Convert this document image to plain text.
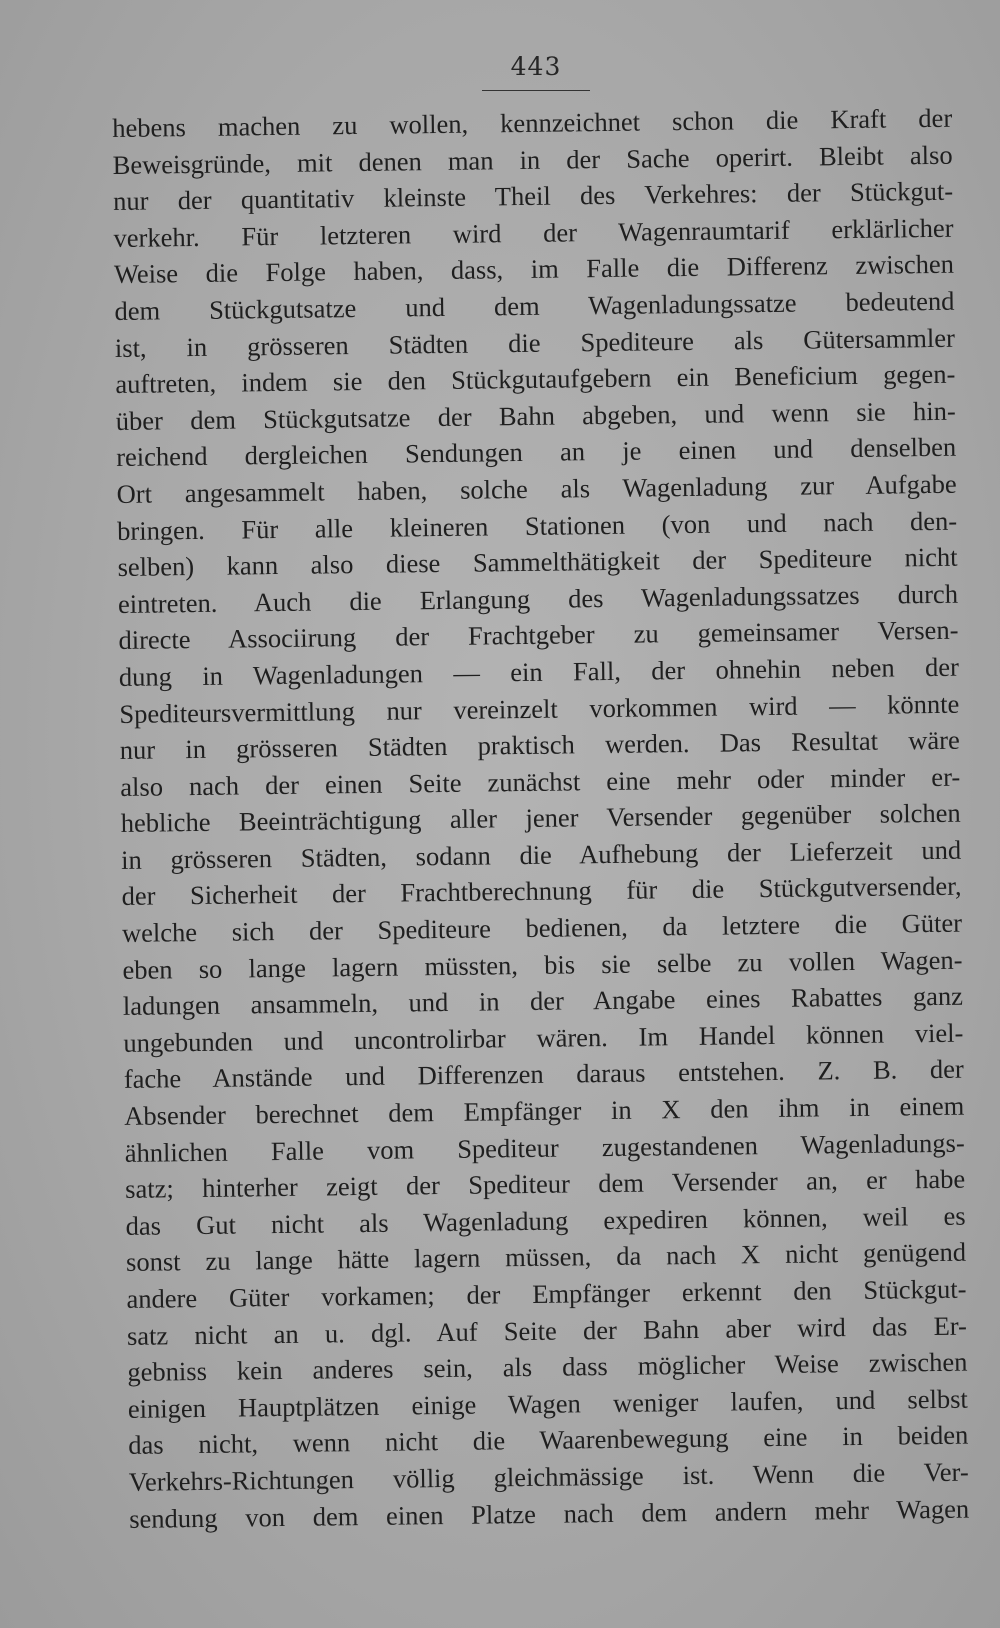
443
hebens machen zu wollen, kennzeichnet schon die Kraft der
Beweisgründe, mit denen man in der Sache operirt. Bleibt also
nur der quantitativ kleinste Theil des Verkehres: der Stückgut-
verkehr. Für letzteren wird der Wagenraumtarif erklärlicher
Weise die Folge haben, dass, im Falle die Differenz zwischen
dem Stückgutsatze und dem Wagenladungssatze bedeutend
ist, in grösseren Städten die Spediteure als Gütersammler
auftreten, indem sie den Stückgutaufgebern ein Beneficium gegen-
über dem Stückgutsatze der Bahn abgeben, und wenn sie hin-
reichend dergleichen Sendungen an je einen und denselben
Ort angesammelt haben, solche als Wagenladung zur Aufgabe
bringen. Für alle kleineren Stationen (von und nach den-
selben) kann also diese Sammelthätigkeit der Spediteure nicht
eintreten. Auch die Erlangung des Wagenladungssatzes durch
directe Associirung der Frachtgeber zu gemeinsamer Versen-
dung in Wagenladungen — ein Fall, der ohnehin neben der
Spediteursvermittlung nur vereinzelt vorkommen wird — könnte
nur in grösseren Städten praktisch werden. Das Resultat wäre
also nach der einen Seite zunächst eine mehr oder minder er-
hebliche Beeinträchtigung aller jener Versender gegenüber solchen
in grösseren Städten, sodann die Aufhebung der Lieferzeit und
der Sicherheit der Frachtberechnung für die Stückgutversender,
welche sich der Spediteure bedienen, da letztere die Güter
eben so lange lagern müssten, bis sie selbe zu vollen Wagen-
ladungen ansammeln, und in der Angabe eines Rabattes ganz
ungebunden und uncontrolirbar wären. Im Handel können viel-
fache Anstände und Differenzen daraus entstehen. Z. B. der
Absender berechnet dem Empfänger in X den ihm in einem
ähnlichen Falle vom Spediteur zugestandenen Wagenladungs-
satz; hinterher zeigt der Spediteur dem Versender an, er habe
das Gut nicht als Wagenladung expediren können, weil es
sonst zu lange hätte lagern müssen, da nach X nicht genügend
andere Güter vorkamen; der Empfänger erkennt den Stückgut-
satz nicht an u. dgl. Auf Seite der Bahn aber wird das Er-
gebniss kein anderes sein, als dass möglicher Weise zwischen
einigen Hauptplätzen einige Wagen weniger laufen, und selbst
das nicht, wenn nicht die Waarenbewegung eine in beiden
Verkehrs-Richtungen völlig gleichmässige ist. Wenn die Ver-
sendung von dem einen Platze nach dem andern mehr Wagen
